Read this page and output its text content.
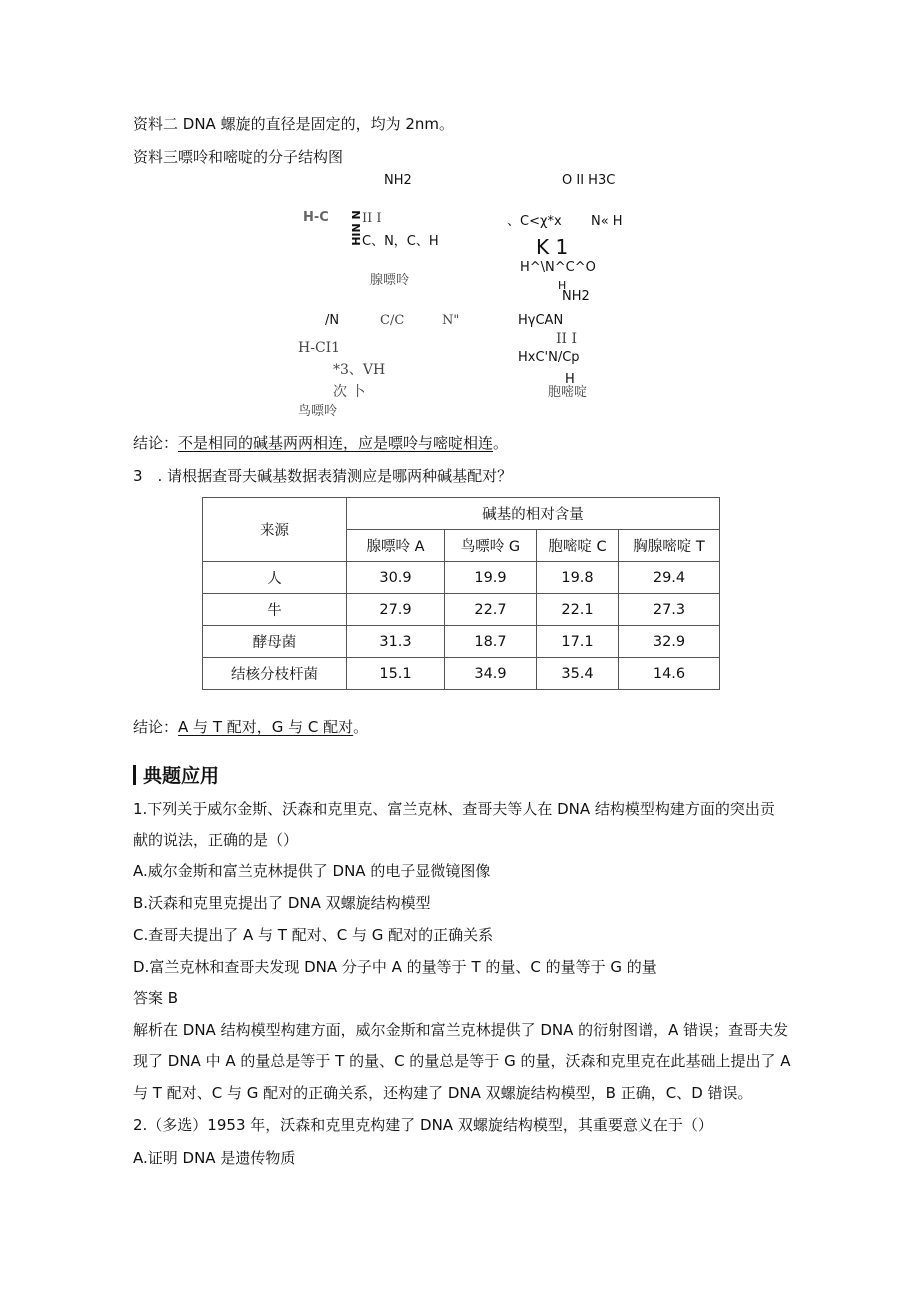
资料二 DNA 螺旋的直径是固定的，均为 2nm。
资料三嘌呤和嘧啶的分子结构图
NH2
H-C HIN N II I
C、N，C、H
腺嘌呤
O II H3C
、C<χ*x N« H
K 1
H^\N^C^O
H
/N	C/C	N"
H-CI1
*3、VH
次 ⼘
鸟嘌呤
NH2
HγCAN
II I
HxC'N/Cp
H
胞嘧啶
结论：不是相同的碱基两两相连，应是嘌呤与嘧啶相连。
3　. 请根据查哥夫碱基数据表猜测应是哪两种碱基配对？
来源	碱基的相对含量			
	腺嘌呤 A	鸟嘌呤 G	胞嘧啶 C	胸腺嘧啶 T
人	30.9	19.9	19.8	29.4
牛	27.9	22.7	22.1	27.3
酵母菌	31.3	18.7	17.1	32.9
结核分枝杆菌	15.1	34.9	35.4	14.6
结论：A 与 T 配对，G 与 C 配对。
典题应用
1.下列关于威尔金斯、沃森和克里克、富兰克林、查哥夫等人在 DNA 结构模型构建方面的突出贡
献的说法，正确的是（）
A.威尔金斯和富兰克林提供了 DNA 的电子显微镜图像
B.沃森和克里克提出了 DNA 双螺旋结构模型
C.查哥夫提出了 A 与 T 配对、C 与 G 配对的正确关系
D.富兰克林和查哥夫发现 DNA 分子中 A 的量等于 T 的量、C 的量等于 G 的量
答案 B
解析在 DNA 结构模型构建方面，威尔金斯和富兰克林提供了 DNA 的衍射图谱，A 错误；查哥夫发
现了 DNA 中 A 的量总是等于 T 的量、C 的量总是等于 G 的量，沃森和克里克在此基础上提出了 A
与 T 配对、C 与 G 配对的正确关系，还构建了 DNA 双螺旋结构模型，B 正确，C、D 错误。
2.（多选）1953 年，沃森和克里克构建了 DNA 双螺旋结构模型，其重要意义在于（）
A.证明 DNA 是遗传物质
